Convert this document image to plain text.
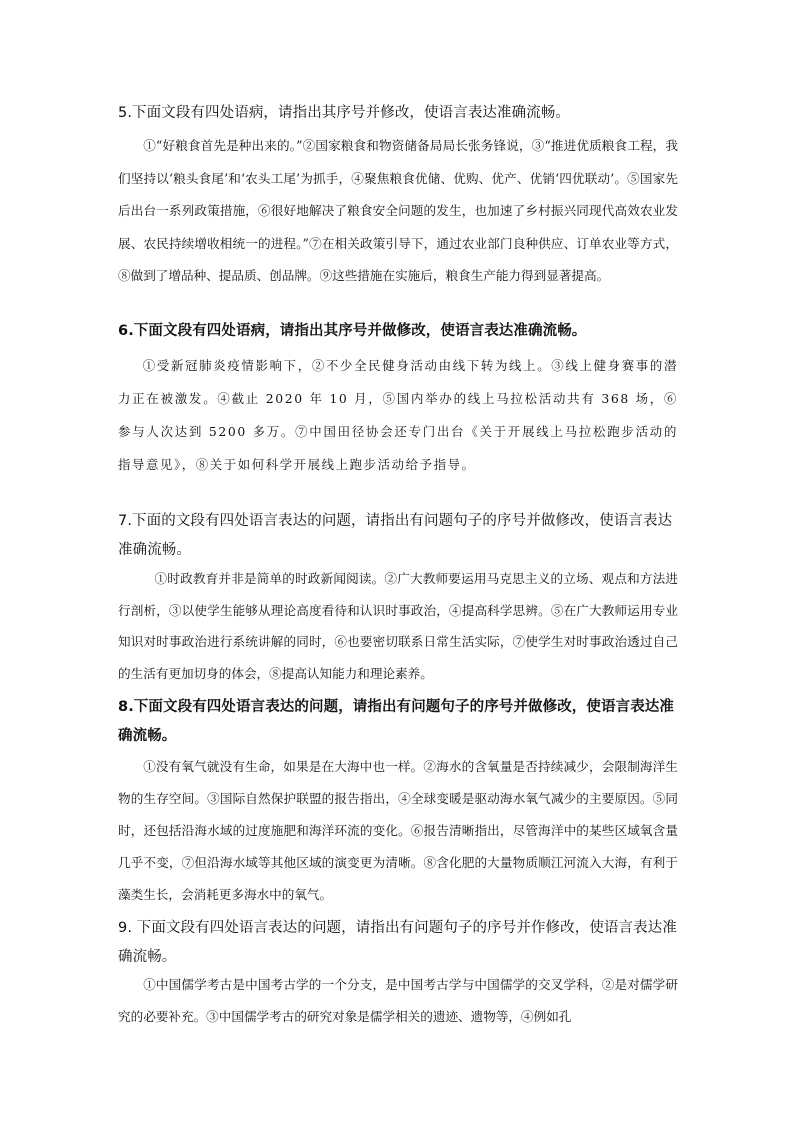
5.下面文段有四处语病，请指出其序号并修改，使语言表达准确流畅。

①“好粮食首先是种出来的。”②国家粮食和物资储备局局长张务锋说，③“推进优质粮食工程，我们坚持以‘粮头食尾’和‘农头工尾’为抓手，④聚焦粮食优储、优购、优产、优销‘四优联动’。⑤国家先后出台一系列政策措施，⑥很好地解决了粮食安全问题的发生，也加速了乡村振兴同现代高效农业发展、农民持续增收相统一的进程。”⑦在相关政策引导下，通过农业部门良种供应、订单农业等方式，⑧做到了增品种、提品质、创品牌。⑨这些措施在实施后，粮食生产能力得到显著提高。

6.下面文段有四处语病，请指出其序号并做修改，使语言表达准确流畅。

①受新冠肺炎疫情影响下，②不少全民健身活动由线下转为线上。③线上健身赛事的潜力正在被激发。④截止 2020 年 10 月，⑤国内举办的线上马拉松活动共有 368 场，⑥参与人次达到 5200 多万。⑦中国田径协会还专门出台《关于开展线上马拉松跑步活动的指导意见》，⑧关于如何科学开展线上跑步活动给予指导。

7.下面的文段有四处语言表达的问题，请指出有问题句子的序号并做修改，使语言表达准确流畅。

①时政教育并非是简单的时政新闻阅读。②广大教师要运用马克思主义的立场、观点和方法进行剖析，③以使学生能够从理论高度看待和认识时事政治，④提高科学思辨。⑤在广大教师运用专业知识对时事政治进行系统讲解的同时，⑥也要密切联系日常生活实际，⑦使学生对时事政治透过自己的生活有更加切身的体会，⑧提高认知能力和理论素养。

8.下面文段有四处语言表达的问题，请指出有问题句子的序号并做修改，使语言表达准确流畅。

①没有氧气就没有生命，如果是在大海中也一样。②海水的含氧量是否持续减少，会限制海洋生物的生存空间。③国际自然保护联盟的报告指出，④全球变暖是驱动海水氧气减少的主要原因。⑤同时，还包括沿海水域的过度施肥和海洋环流的变化。⑥报告清晰指出，尽管海洋中的某些区域氧含量几乎不变，⑦但沿海水域等其他区域的演变更为清晰。⑧含化肥的大量物质顺江河流入大海，有利于藻类生长，会消耗更多海水中的氧气。

9. 下面文段有四处语言表达的问题，请指出有问题句子的序号并作修改，使语言表达准确流畅。

①中国儒学考古是中国考古学的一个分支，是中国考古学与中国儒学的交叉学科，②是对儒学研究的必要补充。③中国儒学考古的研究对象是儒学相关的遗迹、遗物等，④例如孔
